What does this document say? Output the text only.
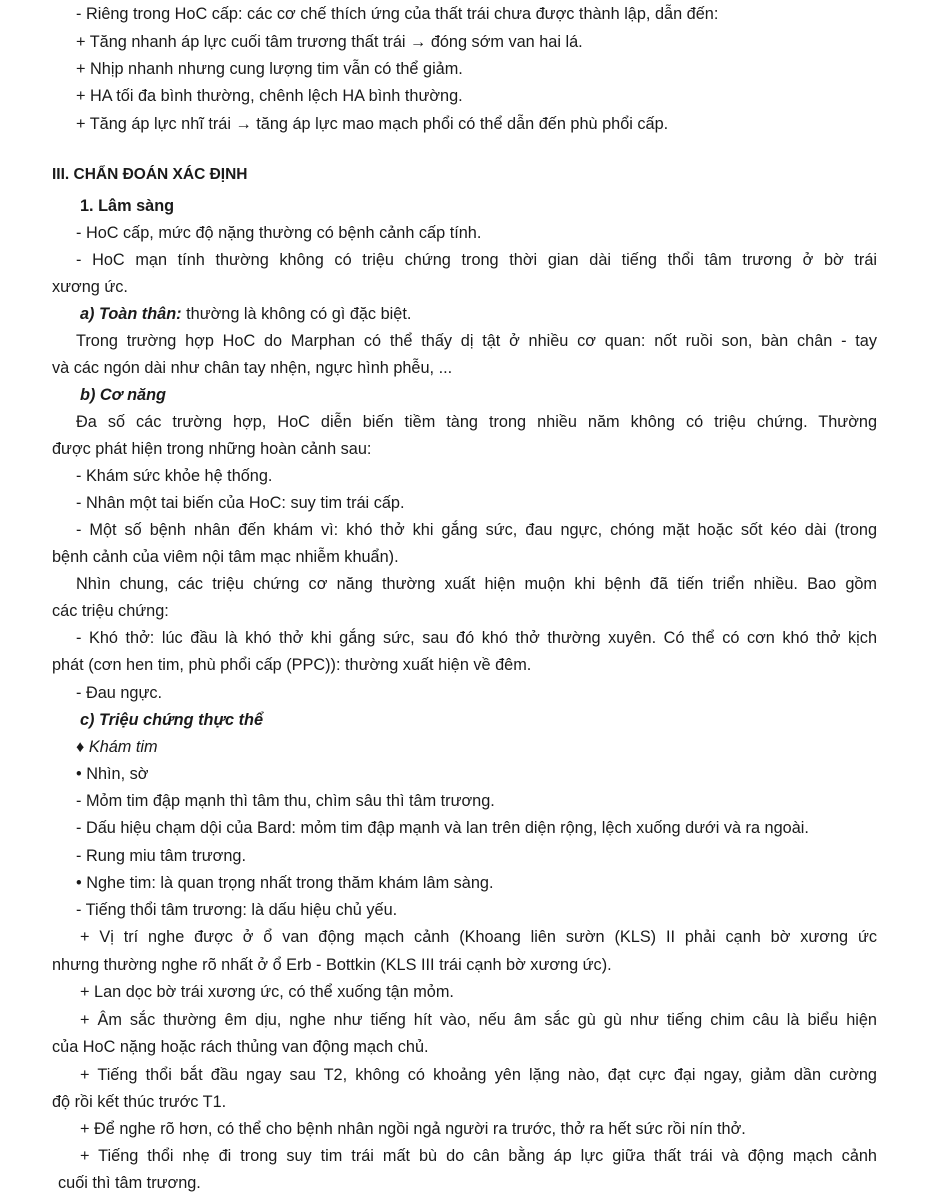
- Riêng trong HoC cấp: các cơ chế thích ứng của thất trái chưa được thành lập, dẫn đến:
+ Tăng nhanh áp lực cuối tâm trương thất trái → đóng sớm van hai lá.
+ Nhịp nhanh nhưng cung lượng tim vẫn có thể giảm.
+ HA tối đa bình thường, chênh lệch HA bình thường.
+ Tăng áp lực nhĩ trái → tăng áp lực mao mạch phổi có thể dẫn đến phù phổi cấp.
III. CHẨN ĐOÁN XÁC ĐỊNH
1. Lâm sàng
- HoC cấp, mức độ nặng thường có bệnh cảnh cấp tính.
- HoC mạn tính thường không có triệu chứng trong thời gian dài tiếng thổi tâm trương ở bờ trái
xương ức.
a) Toàn thân: thường là không có gì đặc biệt.
Trong trường hợp HoC do Marphan có thể thấy dị tật ở nhiều cơ quan: nốt ruồi son, bàn chân - tay
và các ngón dài như chân tay nhện, ngực hình phễu, ...
b) Cơ năng
Đa số các trường hợp, HoC diễn biến tiềm tàng trong nhiều năm không có triệu chứng. Thường
được phát hiện trong những hoàn cảnh sau:
- Khám sức khỏe hệ thống.
- Nhân một tai biến của HoC: suy tim trái cấp.
- Một số bệnh nhân đến khám vì: khó thở khi gắng sức, đau ngực, chóng mặt hoặc sốt kéo dài (trong
bệnh cảnh của viêm nội tâm mạc nhiễm khuẩn).
Nhìn chung, các triệu chứng cơ năng thường xuất hiện muộn khi bệnh đã tiến triển nhiều. Bao gồm
các triệu chứng:
- Khó thở: lúc đầu là khó thở khi gắng sức, sau đó khó thở thường xuyên. Có thể có cơn khó thở kịch
phát (cơn hen tim, phù phổi cấp (PPC)): thường xuất hiện về đêm.
- Đau ngực.
c) Triệu chứng thực thể
♦ Khám tim
• Nhìn, sờ
- Mỏm tim đập mạnh thì tâm thu, chìm sâu thì tâm trương.
- Dấu hiệu chạm dội của Bard: mỏm tim đập mạnh và lan trên diện rộng, lệch xuống dưới và ra ngoài.
- Rung miu tâm trương.
• Nghe tim: là quan trọng nhất trong thăm khám lâm sàng.
- Tiếng thổi tâm trương: là dấu hiệu chủ yếu.
+ Vị trí nghe được ở ổ van động mạch cảnh (Khoang liên sườn (KLS) II phải cạnh bờ xương ức
nhưng thường nghe rõ nhất ở ổ Erb - Bottkin (KLS III trái cạnh bờ xương ức).
+ Lan dọc bờ trái xương ức, có thể xuống tận mỏm.
+ Âm sắc thường êm dịu, nghe như tiếng hít vào, nếu âm sắc gù gù như tiếng chim câu là biểu hiện
của HoC nặng hoặc rách thủng van động mạch chủ.
+ Tiếng thổi bắt đầu ngay sau T2, không có khoảng yên lặng nào, đạt cực đại ngay, giảm dần cường
độ rồi kết thúc trước T1.
+ Để nghe rõ hơn, có thể cho bệnh nhân ngồi ngả người ra trước, thở ra hết sức rồi nín thở.
+ Tiếng thổi nhẹ đi trong suy tim trái mất bù do cân bằng áp lực giữa thất trái và động mạch cảnh
cuối thì tâm trương.
